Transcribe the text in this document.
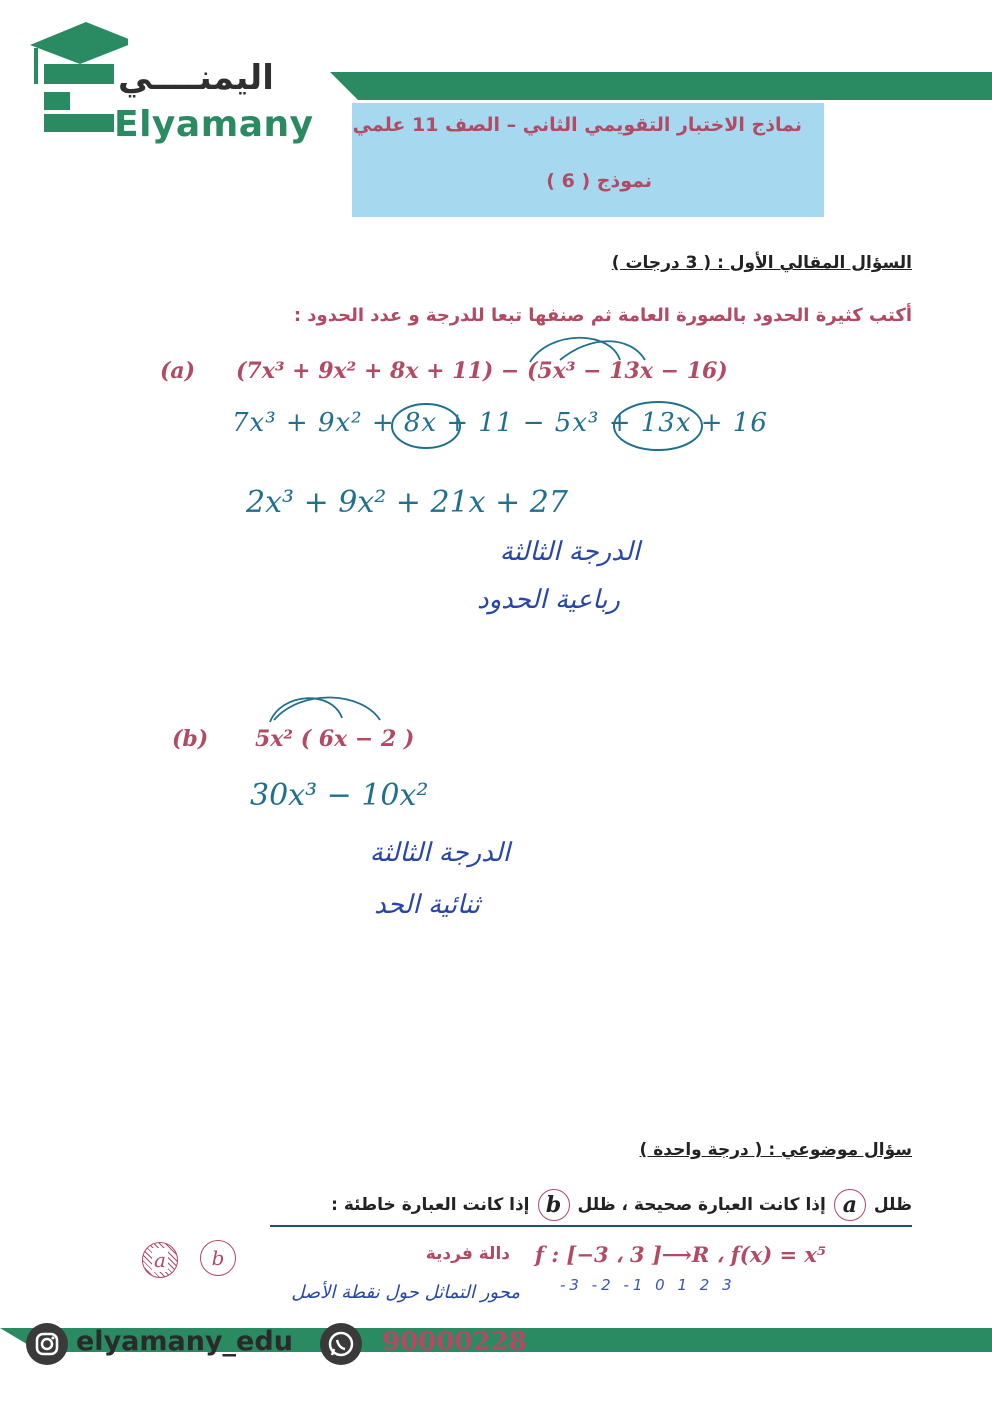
اليمنــــي
Elyamany نماذج الاختبار التقويمي الثاني – الصف 11 علمي
نموذج ( 6 )
السؤال المقالي الأول : ( 3 درجات )
أكتب كثيرة الحدود بالصورة العامة ثم صنفها تبعا للدرجة و عدد الحدود :
(a) (7x³ + 9x² + 8x + 11) − (5x³ − 13x − 16)
7x³ + 9x² + 8x + 11 − 5x³ + 13x + 16
2x³ + 9x² + 21x + 27
الدرجة الثالثة
رباعية الحدود
(b) 5x² ( 6x − 2 )
30x³ − 10x²
الدرجة الثالثة
ثنائية الحد
سؤال موضوعي : ( درجة واحدة )
ظلل
a
إذا كانت العبارة صحيحة ، ظلل
b
إذا كانت العبارة خاطئة :
a	b	دالة فردية f : [−3 ، 3 ]⟶R ، f(x) = x⁵
-3 -2 -1 0 1 2 3
محور التماثل حول نقطة الأصل
elyamany_edu	90000228
